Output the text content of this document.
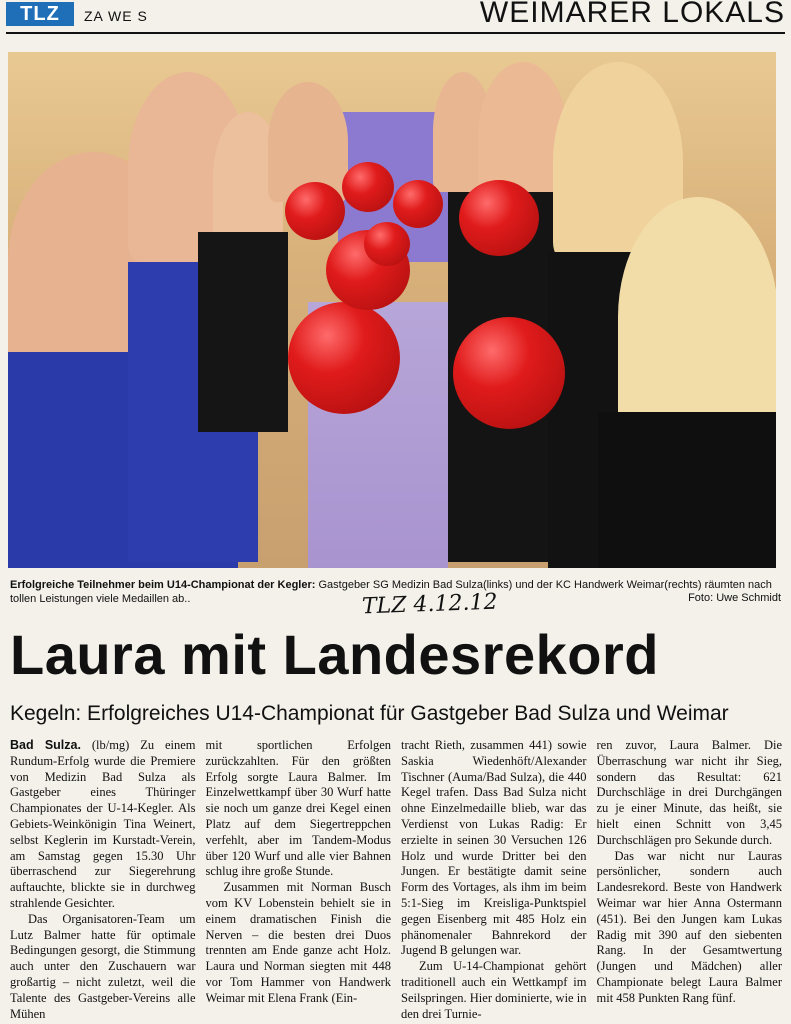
TLZ	ZA WE S	WEIMARER LOKALS
Erfolgreiche Teilnehmer beim U14-Championat der Kegler: Gastgeber SG Medizin Bad Sulza(links) und der KC Handwerk Weimar(rechts) räumten nach tollen Leistungen viele Medaillen ab..	TLZ 4.12.12	Foto: Uwe Schmidt
Laura mit Landesrekord
Kegeln: Erfolgreiches U14-Championat für Gastgeber Bad Sulza und Weimar

Bad Sulza. (lb/mg) Zu einem Rundum-Erfolg wurde die Premiere von Medizin Bad Sulza als Gastgeber eines Thüringer Championates der U-14-Kegler. Als Gebiets-Weinkönigin Tina Weinert, selbst Keglerin im Kurstadt-Verein, am Samstag gegen 15.30 Uhr überraschend zur Siegerehrung auftauchte, blickte sie in durchweg strahlende Gesichter.

Das Organisatoren-Team um Lutz Balmer hatte für optimale Bedingungen gesorgt, die Stimmung auch unter den Zuschauern war großartig – nicht zuletzt, weil die Talente des Gastgeber-Vereins alle Mühen

mit sportlichen Erfolgen zurückzahlten. Für den größten Erfolg sorgte Laura Balmer. Im Einzelwettkampf über 30 Wurf hatte sie noch um ganze drei Kegel einen Platz auf dem Siegertreppchen verfehlt, aber im Tandem-Modus über 120 Wurf und alle vier Bahnen schlug ihre große Stunde.

Zusammen mit Norman Busch vom KV Lobenstein behielt sie in einem dramatischen Finish die Nerven – die besten drei Duos trennten am Ende ganze acht Holz. Laura und Norman siegten mit 448 vor Tom Hammer von Handwerk Weimar mit Elena Frank (Ein-

tracht Rieth, zusammen 441) sowie Saskia Wiedenhöft/Alexander Tischner (Auma/Bad Sulza), die 440 Kegel trafen. Dass Bad Sulza nicht ohne Einzelmedaille blieb, war das Verdienst von Lukas Radig: Er erzielte in seinen 30 Versuchen 126 Holz und wurde Dritter bei den Jungen. Er bestätigte damit seine Form des Vortages, als ihm im beim 5:1-Sieg im Kreisliga-Punktspiel gegen Eisenberg mit 485 Holz ein phänomenaler Bahnrekord der Jugend B gelungen war.

Zum U-14-Championat gehört traditionell auch ein Wettkampf im Seilspringen. Hier dominierte, wie in den drei Turnie-

ren zuvor, Laura Balmer. Die Überraschung war nicht ihr Sieg, sondern das Resultat: 621 Durchschläge in drei Durchgängen zu je einer Minute, das heißt, sie hielt einen Schnitt von 3,45 Durchschlägen pro Sekunde durch.

Das war nicht nur Lauras persönlicher, sondern auch Landesrekord. Beste von Handwerk Weimar war hier Anna Ostermann (451). Bei den Jungen kam Lukas Radig mit 390 auf den siebenten Rang. In der Gesamtwertung (Jungen und Mädchen) aller Championate belegt Laura Balmer mit 458 Punkten Rang fünf.
